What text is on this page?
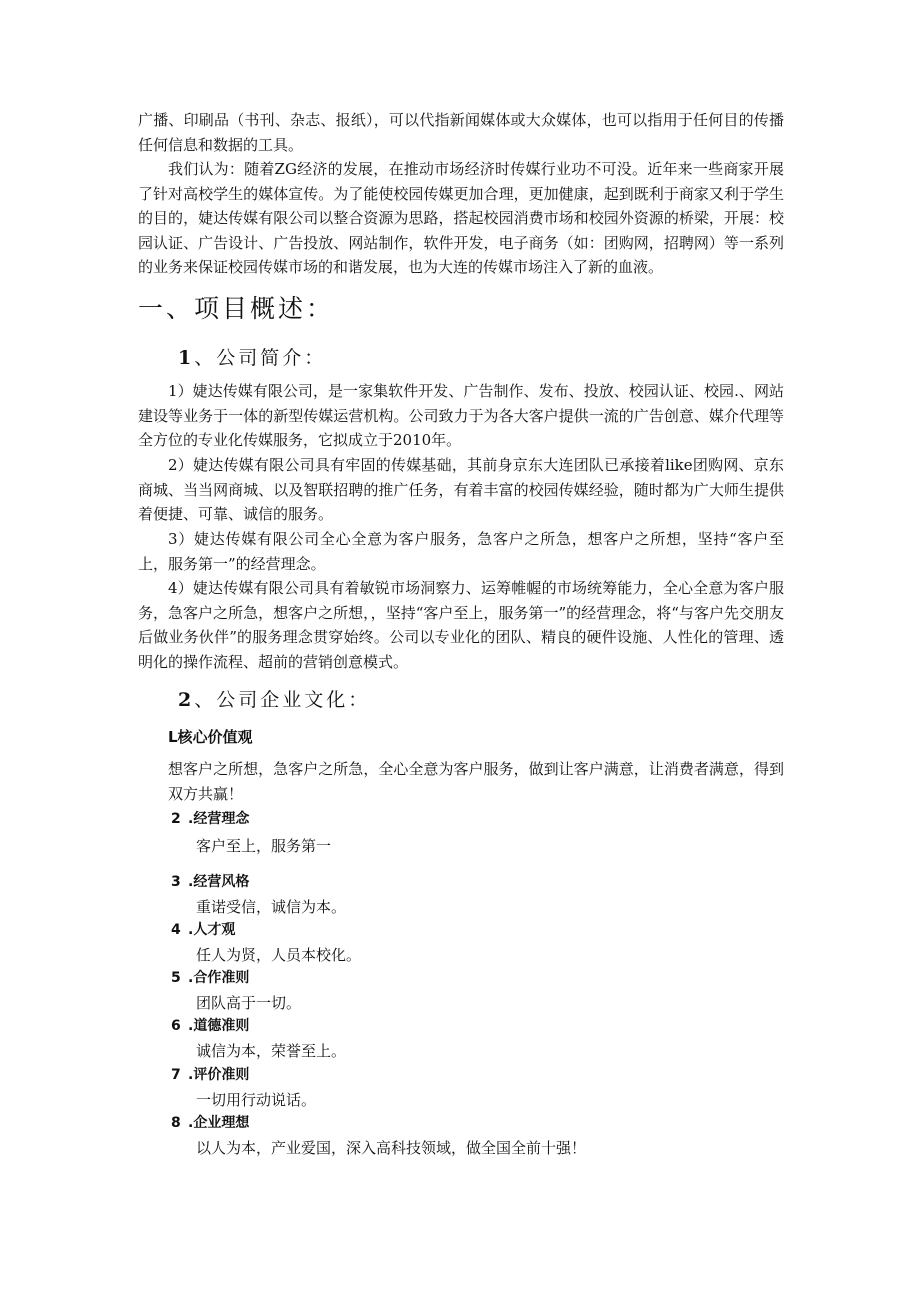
广播、印刷品（书刊、杂志、报纸），可以代指新闻媒体或大众媒体，也可以指用于任何目的传播任何信息和数据的工具。

我们认为：随着ZG经济的发展，在推动市场经济时传媒行业功不可没。近年来一些商家开展了针对高校学生的媒体宣传。为了能使校园传媒更加合理，更加健康，起到既利于商家又利于学生的目的，婕达传媒有限公司以整合资源为思路，搭起校园消费市场和校园外资源的桥梁，开展：校园认证、广告设计、广告投放、网站制作，软件开发，电子商务（如：团购网，招聘网）等一系列的业务来保证校园传媒市场的和谐发展，也为大连的传媒市场注入了新的血液。

一、项目概述：
1、公司简介：

1）婕达传媒有限公司，是一家集软件开发、广告制作、发布、投放、校园认证、校园.、网站建设等业务于一体的新型传媒运营机构。公司致力于为各大客户提供一流的广告创意、媒介代理等全方位的专业化传媒服务，它拟成立于2010年。

2）婕达传媒有限公司具有牢固的传媒基础，其前身京东大连团队已承接着like团购网、京东商城、当当网商城、以及智联招聘的推广任务，有着丰富的校园传媒经验，随时都为广大师生提供着便捷、可靠、诚信的服务。

3）婕达传媒有限公司全心全意为客户服务，急客户之所急，想客户之所想，坚持“客户至上，服务第一”的经营理念。

4）婕达传媒有限公司具有着敏锐市场洞察力、运筹帷幄的市场统筹能力，全心全意为客户服务，急客户之所急，想客户之所想，，坚持“客户至上，服务第一”的经营理念，将“与客户先交朋友后做业务伙伴”的服务理念贯穿始终。公司以专业化的团队、精良的硬件设施、人性化的管理、透明化的操作流程、超前的营销创意模式。

2、公司企业文化：

L核心价值观

想客户之所想，急客户之所急，全心全意为客户服务，做到让客户满意，让消费者满意，得到双方共赢！

2 .经营理念
客户至上，服务第一
3 .经营风格
重诺受信，诚信为本。
4 .人才观
任人为贤，人员本校化。
5 .合作准则
团队高于一切。
6 .道德准则
诚信为本，荣誉至上。
7 .评价准则
一切用行动说话。
8 .企业理想
以人为本，产业爱国，深入高科技领域，做全国全前十强！
